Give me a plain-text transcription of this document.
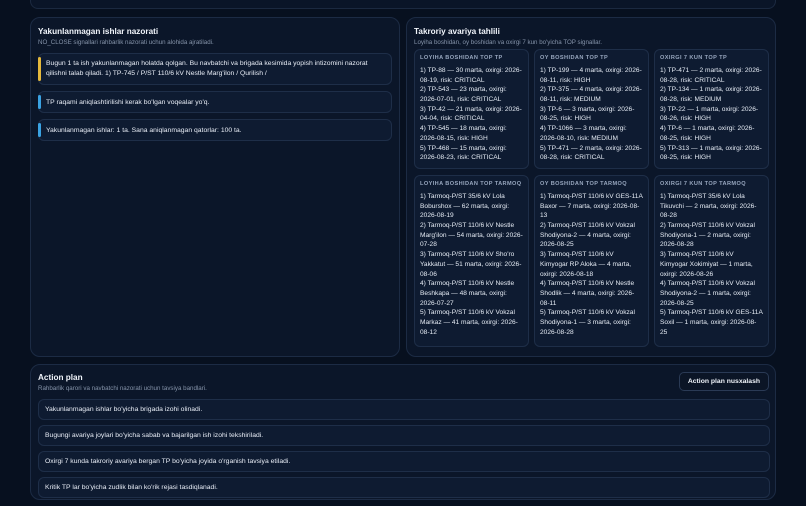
Yakunlanmagan ishlar nazorati
NO_CLOSE signallari rahbarlik nazorati uchun alohida ajratiladi.
Bugun 1 ta ish yakunlanmagan holatda qolgan. Bu navbatchi va brigada kesimida yopish intizomini nazorat qilishni talab qiladi. 1) TP-745 / P/ST 110/6 kV Nestle Marg'ilon / Qurilish /
TP raqami aniqlashtirilishi kerak bo'lgan voqealar yo'q.
Yakunlanmagan ishlar: 1 ta. Sana aniqlanmagan qatorlar: 100 ta.
Takroriy avariya tahlili
Loyiha boshidan, oy boshidan va oxirgi 7 kun bo'yicha TOP signallar.
LOYIHA BOSHIDAN TOP TP
1) TP-88 — 30 marta, oxirgi: 2026-08-19, risk: CRITICAL
2) TP-543 — 23 marta, oxirgi: 2026-07-01, risk: CRITICAL
3) TP-42 — 21 marta, oxirgi: 2026-04-04, risk: CRITICAL
4) TP-545 — 18 marta, oxirgi: 2026-08-15, risk: HIGH
5) TP-468 — 15 marta, oxirgi: 2026-08-23, risk: CRITICAL
OY BOSHIDAN TOP TP
1) TP-199 — 4 marta, oxirgi: 2026-08-11, risk: HIGH
2) TP-375 — 4 marta, oxirgi: 2026-08-11, risk: MEDIUM
3) TP-6 — 3 marta, oxirgi: 2026-08-25, risk: HIGH
4) TP-1066 — 3 marta, oxirgi: 2026-08-10, risk: MEDIUM
5) TP-471 — 2 marta, oxirgi: 2026-08-28, risk: CRITICAL
OXIRGI 7 KUN TOP TP
1) TP-471 — 2 marta, oxirgi: 2026-08-28, risk: CRITICAL
2) TP-134 — 1 marta, oxirgi: 2026-08-28, risk: MEDIUM
3) TP-22 — 1 marta, oxirgi: 2026-08-26, risk: HIGH
4) TP-6 — 1 marta, oxirgi: 2026-08-25, risk: HIGH
5) TP-313 — 1 marta, oxirgi: 2026-08-25, risk: HIGH
LOYIHA BOSHIDAN TOP TARMOQ
1) Tarmoq-P/ST 35/6 kV Lola Boburshox — 62 marta, oxirgi: 2026-08-19
2) Tarmoq-P/ST 110/6 kV Nestle Marg'ilon — 54 marta, oxirgi: 2026-07-28
3) Tarmoq-P/ST 110/6 kV Sho'ro Yakkatut — 51 marta, oxirgi: 2026-08-06
4) Tarmoq-P/ST 110/6 kV Nestle Beshkapa — 48 marta, oxirgi: 2026-07-27
5) Tarmoq-P/ST 110/6 kV Vokzal Markaz — 41 marta, oxirgi: 2026-08-12
OY BOSHIDAN TOP TARMOQ
1) Tarmoq-P/ST 110/6 kV GES-11A Baxor — 7 marta, oxirgi: 2026-08-13
2) Tarmoq-P/ST 110/6 kV Vokzal Shodiyona-2 — 4 marta, oxirgi: 2026-08-25
3) Tarmoq-P/ST 110/6 kV Kimyogar RP Aloka — 4 marta, oxirgi: 2026-08-18
4) Tarmoq-P/ST 110/6 kV Nestle Shodlik — 4 marta, oxirgi: 2026-08-11
5) Tarmoq-P/ST 110/6 kV Vokzal Shodiyona-1 — 3 marta, oxirgi: 2026-08-28
OXIRGI 7 KUN TOP TARMOQ
1) Tarmoq-P/ST 35/6 kV Lola Tikuvchi — 2 marta, oxirgi: 2026-08-28
2) Tarmoq-P/ST 110/6 kV Vokzal Shodiyona-1 — 2 marta, oxirgi: 2026-08-28
3) Tarmoq-P/ST 110/6 kV Kimyogar Xokimiyat — 1 marta, oxirgi: 2026-08-26
4) Tarmoq-P/ST 110/6 kV Vokzal Shodiyona-2 — 1 marta, oxirgi: 2026-08-25
5) Tarmoq-P/ST 110/6 kV GES-11A Soxil — 1 marta, oxirgi: 2026-08-25
Action plan
Rahbarlik qarori va navbatchi nazorati uchun tavsiya bandlari.
Action plan nusxalash
Yakunlanmagan ishlar bo'yicha brigada izohi olinadi.
Bugungi avariya joylari bo'yicha sabab va bajarilgan ish izohi tekshiriladi.
Oxirgi 7 kunda takroriy avariya bergan TP bo'yicha joyida o'rganish tavsiya etiladi.
Kritik TP lar bo'yicha zudlik bilan ko'rik rejasi tasdiqlanadi.
